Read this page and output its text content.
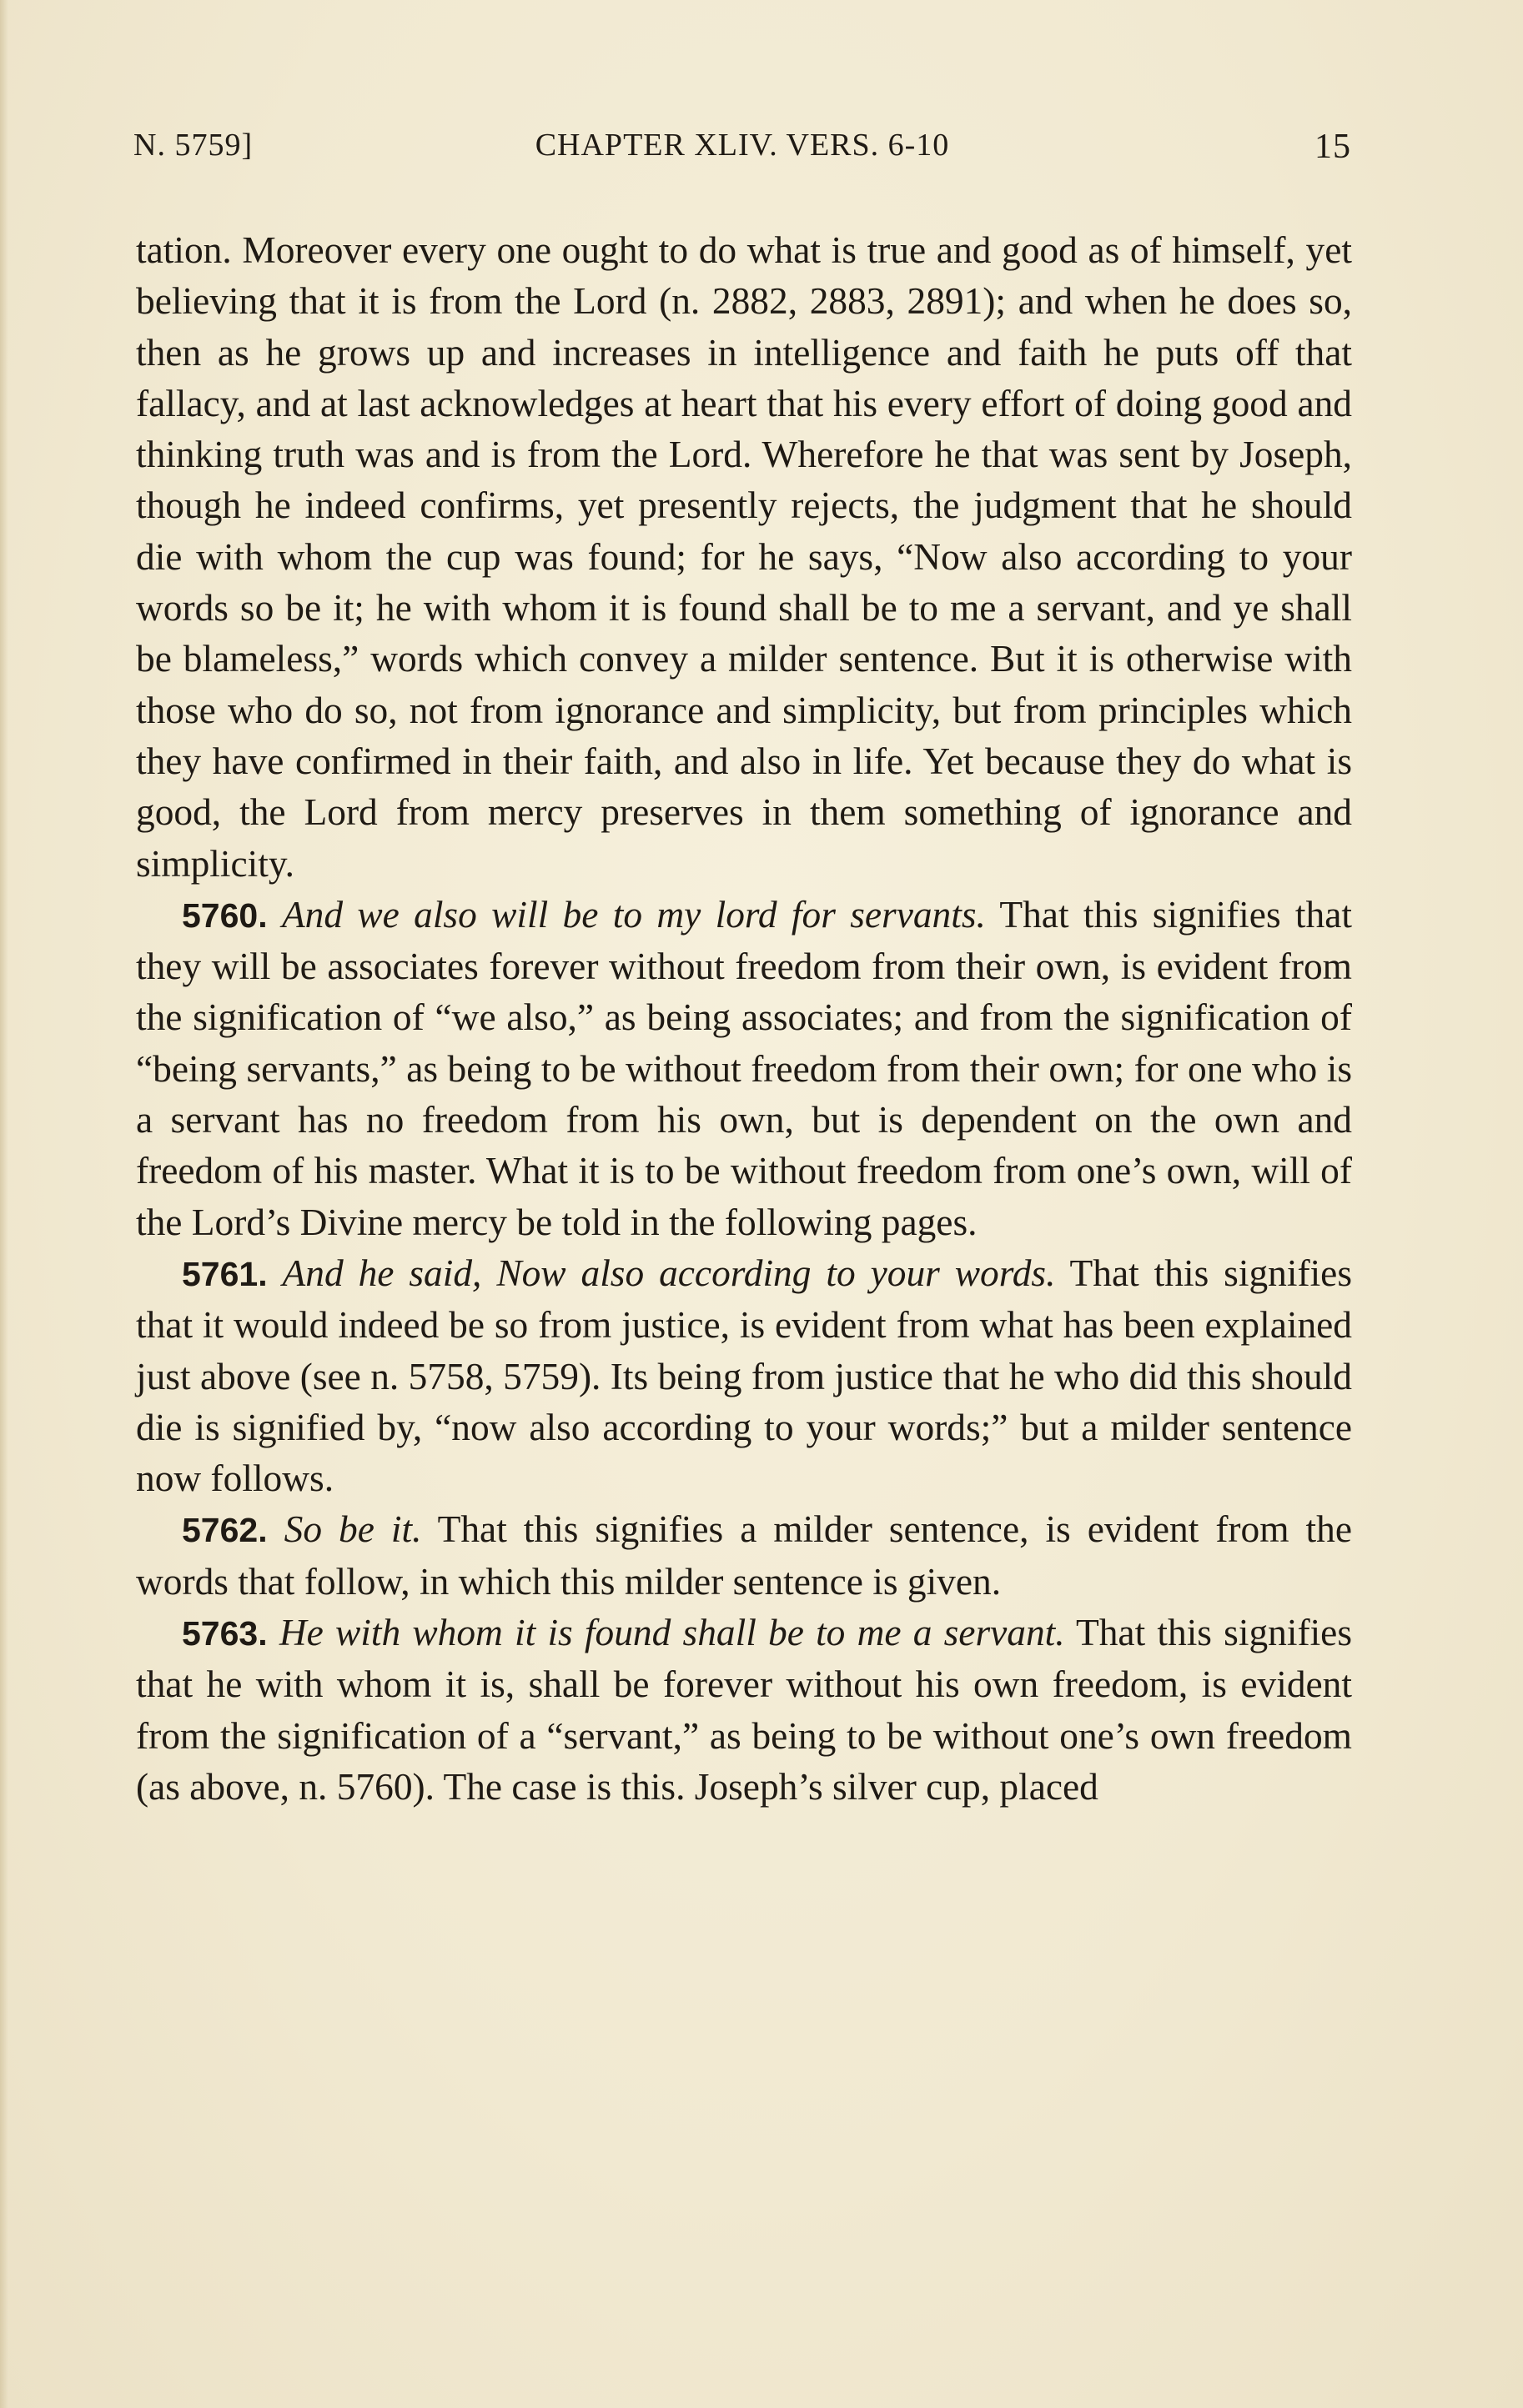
N. 5759]	CHAPTER XLIV. VERS. 6-10	15

tation. Moreover every one ought to do what is true and good as of himself, yet believing that it is from the Lord (n. 2882, 2883, 2891); and when he does so, then as he grows up and increases in intelligence and faith he puts off that fallacy, and at last acknowledges at heart that his every effort of doing good and thinking truth was and is from the Lord. Wherefore he that was sent by Joseph, though he indeed confirms, yet presently rejects, the judgment that he should die with whom the cup was found; for he says, “Now also according to your words so be it; he with whom it is found shall be to me a servant, and ye shall be blameless,” words which convey a milder sentence. But it is otherwise with those who do so, not from ignorance and simplicity, but from principles which they have confirmed in their faith, and also in life. Yet because they do what is good, the Lord from mercy preserves in them something of ignorance and simplicity.

5760. And we also will be to my lord for servants. That this signifies that they will be associates forever without freedom from their own, is evident from the signification of “we also,” as being associates; and from the signification of “being servants,” as being to be without freedom from their own; for one who is a servant has no freedom from his own, but is dependent on the own and freedom of his master. What it is to be without freedom from one’s own, will of the Lord’s Divine mercy be told in the following pages.

5761. And he said, Now also according to your words. That this signifies that it would indeed be so from justice, is evident from what has been explained just above (see n. 5758, 5759). Its being from justice that he who did this should die is signified by, “now also according to your words;” but a milder sentence now follows.

5762. So be it. That this signifies a milder sentence, is evident from the words that follow, in which this milder sentence is given.

5763. He with whom it is found shall be to me a servant. That this signifies that he with whom it is, shall be forever without his own freedom, is evident from the signification of a “servant,” as being to be without one’s own freedom (as above, n. 5760). The case is this. Joseph’s silver cup, placed
